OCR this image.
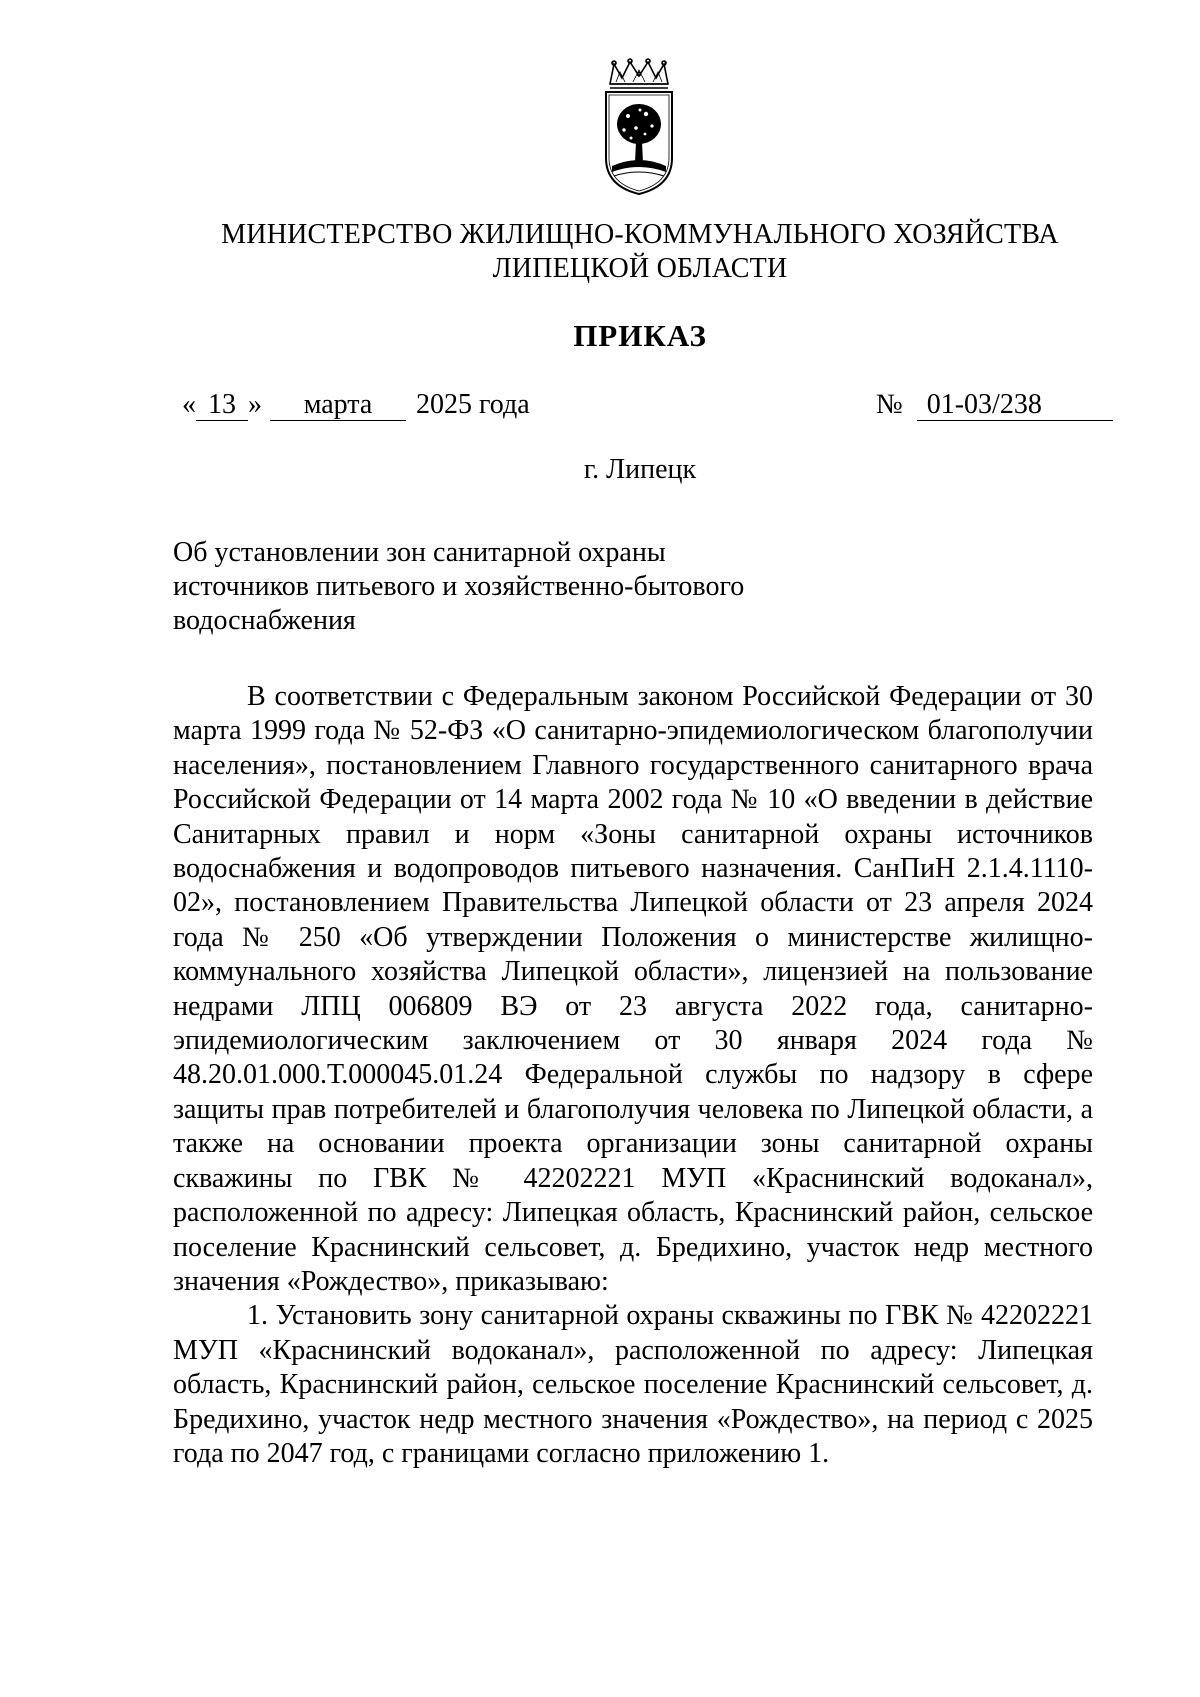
МИНИСТЕРСТВО ЖИЛИЩНО-КОММУНАЛЬНОГО ХОЗЯЙСТВА
ЛИПЕЦКОЙ ОБЛАСТИ
ПРИКАЗ
« 13 » марта 2025 года	№ 01-03/238
г. Липецк
Об установлении зон санитарной охраны
источников питьевого и хозяйственно-бытового
водоснабжения

В соответствии с Федеральным законом Российской Федерации от 30 марта 1999 года № 52-ФЗ «О санитарно-эпидемиологическом благополучии населения», постановлением Главного государственного санитарного врача Российской Федерации от 14 марта 2002 года № 10 «О введении в действие Санитарных правил и норм «Зоны санитарной охраны источников водоснабжения и водопроводов питьевого назначения. СанПиН 2.1.4.1110-02», постановлением Правительства Липецкой области от 23 апреля 2024 года № 250 «Об утверждении Положения о министерстве жилищно-коммунального хозяйства Липецкой области», лицензией на пользование недрами ЛПЦ 006809 ВЭ от 23 августа 2022 года, санитарно-эпидемиологическим заключением от 30 января 2024 года № 48.20.01.000.Т.000045.01.24 Федеральной службы по надзору в сфере защиты прав потребителей и благополучия человека по Липецкой области, а также на основании проекта организации зоны санитарной охраны скважины по ГВК № 42202221 МУП «Краснинский водоканал», расположенной по адресу: Липецкая область, Краснинский район, сельское поселение Краснинский сельсовет, д. Бредихино, участок недр местного значения «Рождество», приказываю:

1. Установить зону санитарной охраны скважины по ГВК № 42202221 МУП «Краснинский водоканал», расположенной по адресу: Липецкая область, Краснинский район, сельское поселение Краснинский сельсовет, д. Бредихино, участок недр местного значения «Рождество», на период с 2025 года по 2047 год, с границами согласно приложению 1.
